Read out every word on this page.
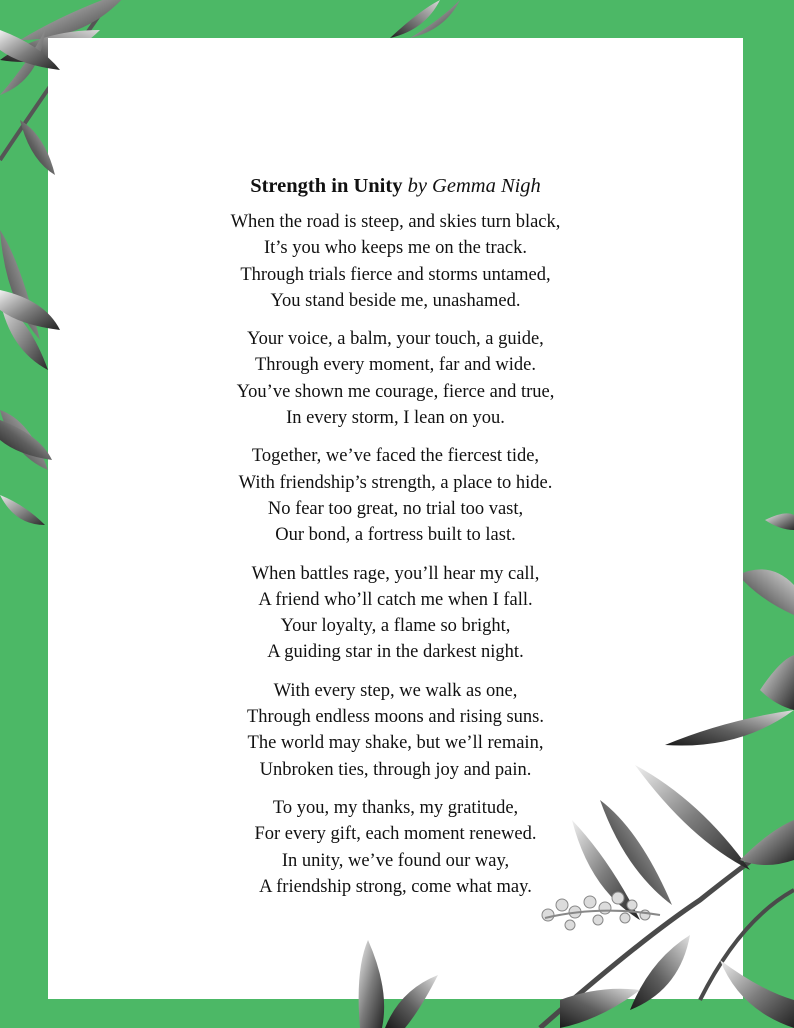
Strength in Unity by Gemma Nigh

When the road is steep, and skies turn black,
It’s you who keeps me on the track.
Through trials fierce and storms untamed,
You stand beside me, unashamed.
Your voice, a balm, your touch, a guide,
Through every moment, far and wide.
You’ve shown me courage, fierce and true,
In every storm, I lean on you.
Together, we’ve faced the fiercest tide,
With friendship’s strength, a place to hide.
No fear too great, no trial too vast,
Our bond, a fortress built to last.
When battles rage, you’ll hear my call,
A friend who’ll catch me when I fall.
Your loyalty, a flame so bright,
A guiding star in the darkest night.
With every step, we walk as one,
Through endless moons and rising suns.
The world may shake, but we’ll remain,
Unbroken ties, through joy and pain.
To you, my thanks, my gratitude,
For every gift, each moment renewed.
In unity, we’ve found our way,
A friendship strong, come what may.
